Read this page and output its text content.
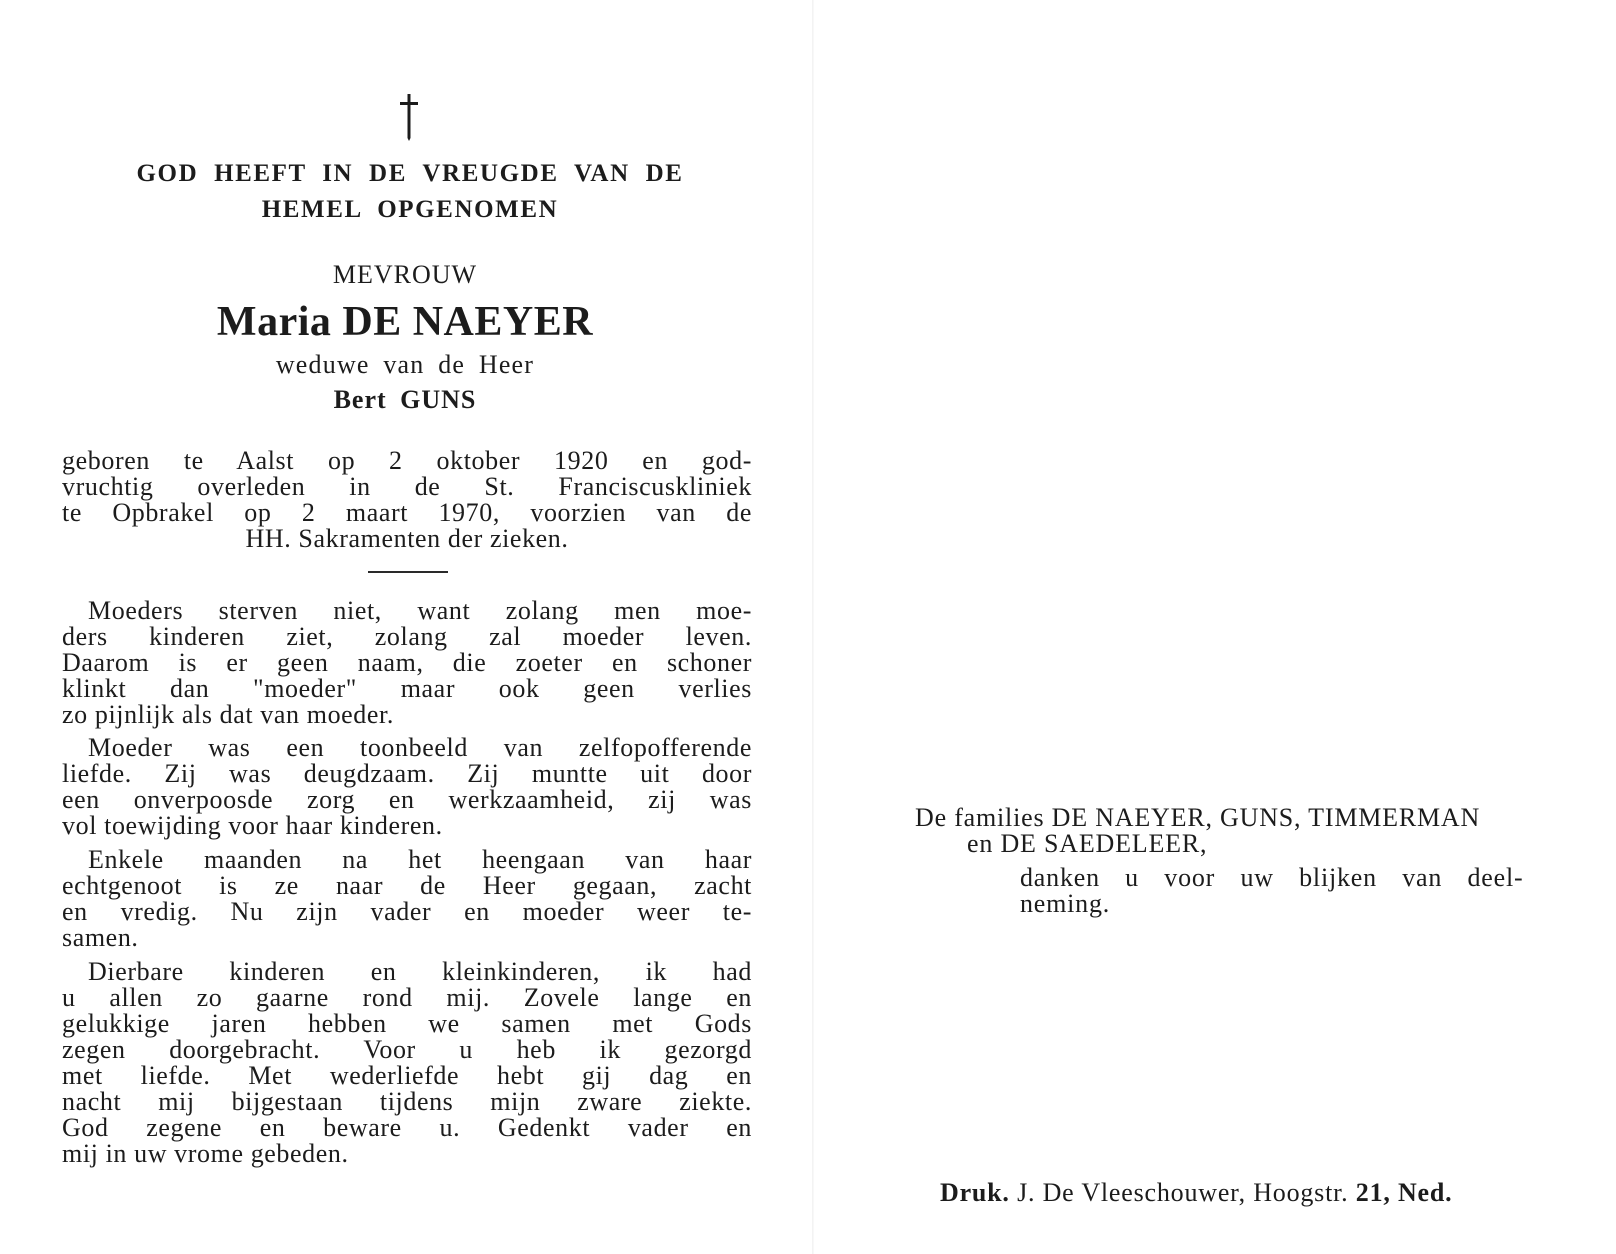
GOD HEEFT IN DE VREUGDE VAN DE
HEMEL OPGENOMEN
MEVROUW
Maria DE NAEYER
weduwe van de Heer
Bert GUNS
geboren te Aalst op 2 oktober 1920 en god-
vruchtig overleden in de St. Franciscuskliniek
te Opbrakel op 2 maart 1970, voorzien van de
HH. Sakramenten der zieken.
Moeders sterven niet, want zolang men moe-
ders kinderen ziet, zolang zal moeder leven.
Daarom is er geen naam, die zoeter en schoner
klinkt dan "moeder" maar ook geen verlies
zo pijnlijk als dat van moeder.
Moeder was een toonbeeld van zelfopofferende
liefde. Zij was deugdzaam. Zij muntte uit door
een onverpoosde zorg en werkzaamheid, zij was
vol toewijding voor haar kinderen.
Enkele maanden na het heengaan van haar
echtgenoot is ze naar de Heer gegaan, zacht
en vredig. Nu zijn vader en moeder weer te-
samen.
Dierbare kinderen en kleinkinderen, ik had
u allen zo gaarne rond mij. Zovele lange en
gelukkige jaren hebben we samen met Gods
zegen doorgebracht. Voor u heb ik gezorgd
met liefde. Met wederliefde hebt gij dag en
nacht mij bijgestaan tijdens mijn zware ziekte.
God zegene en beware u. Gedenkt vader en
mij in uw vrome gebeden.
De families DE NAEYER, GUNS, TIMMERMAN
en DE SAEDELEER,
danken u voor uw blijken van deel-
neming.
Druk. J. De Vleeschouwer, Hoogstr. 21, Ned.
